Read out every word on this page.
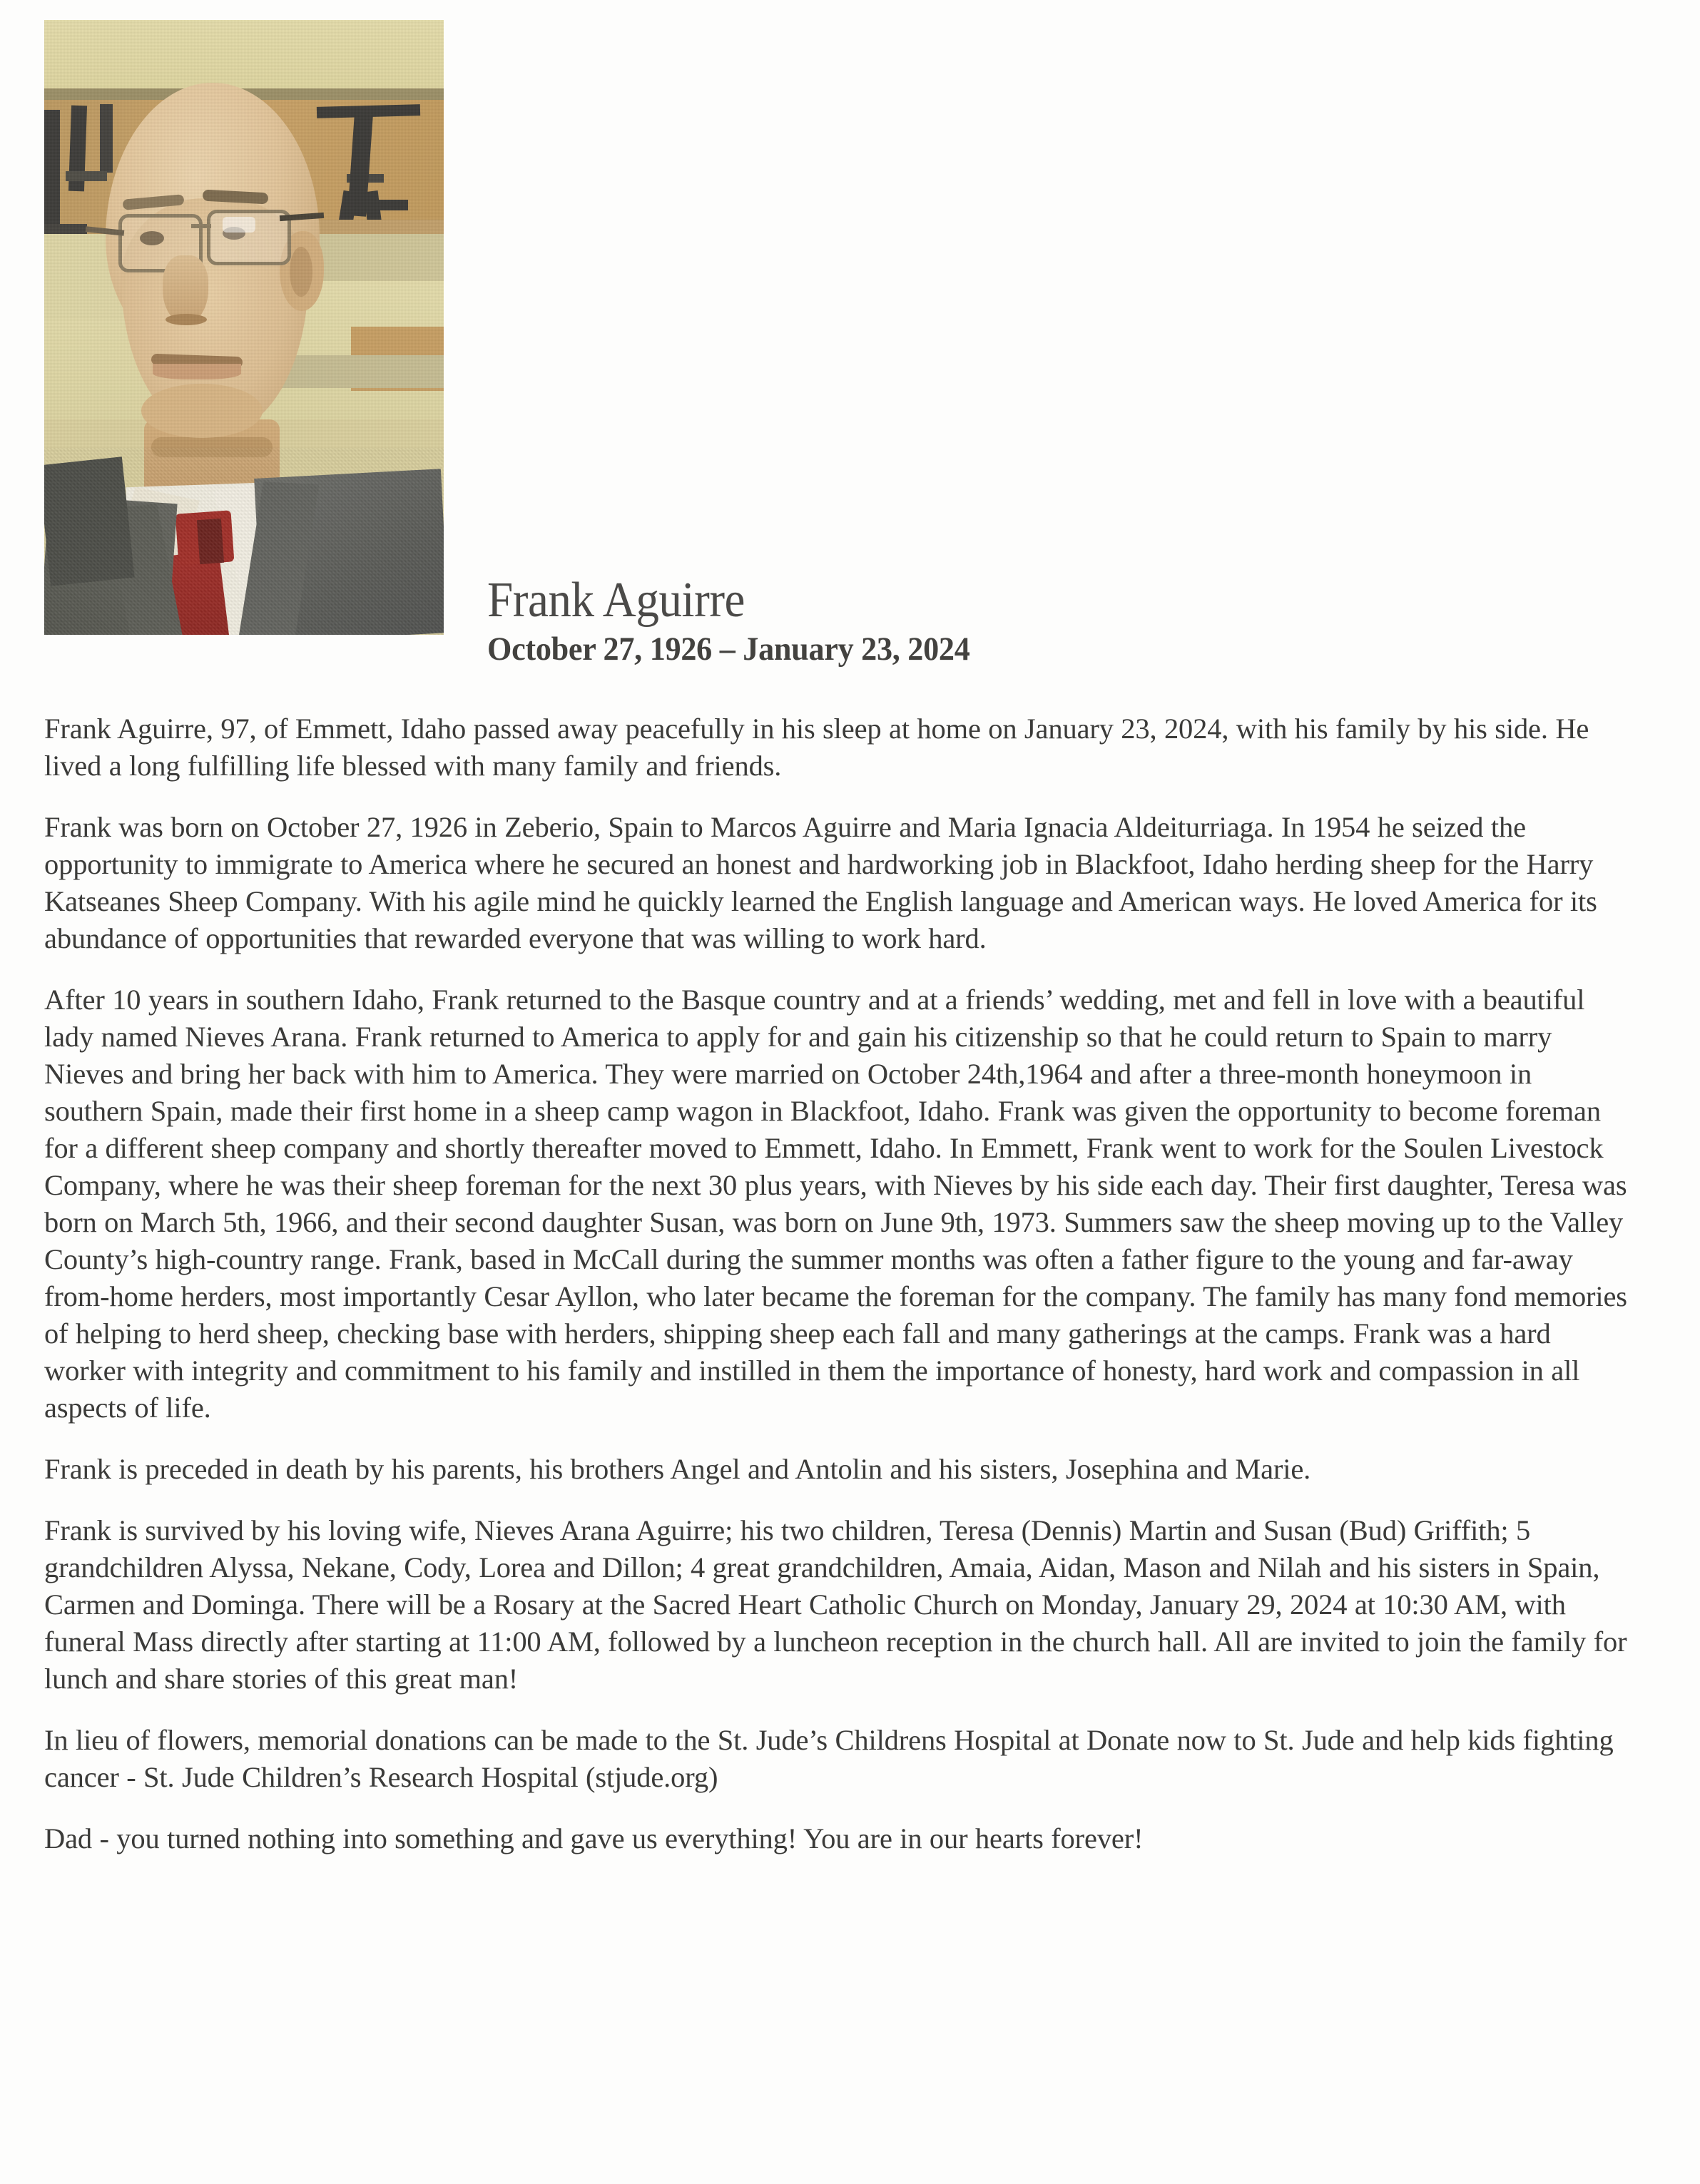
Frank Aguirre
October 27, 1926 – January 23, 2024

Frank Aguirre, 97, of Emmett, Idaho passed away peacefully in his sleep at home on January 23, 2024, with his family by his side. He lived a long fulfilling life blessed with many family and friends.

Frank was born on October 27, 1926 in Zeberio, Spain to Marcos Aguirre and Maria Ignacia Aldeiturriaga. In 1954 he seized the opportunity to immigrate to America where he secured an honest and hardworking job in Blackfoot, Idaho herding sheep for the Harry Katseanes Sheep Company. With his agile mind he quickly learned the English language and American ways. He loved America for its abundance of opportunities that rewarded everyone that was willing to work hard.

After 10 years in southern Idaho, Frank returned to the Basque country and at a friends’ wedding, met and fell in love with a beautiful lady named Nieves Arana. Frank returned to America to apply for and gain his citizenship so that he could return to Spain to marry Nieves and bring her back with him to America. They were married on October 24th,1964 and after a three-month honeymoon in southern Spain, made their first home in a sheep camp wagon in Blackfoot, Idaho. Frank was given the opportunity to become foreman for a different sheep company and shortly thereafter moved to Emmett, Idaho. In Emmett, Frank went to work for the Soulen Livestock Company, where he was their sheep foreman for the next 30 plus years, with Nieves by his side each day. Their first daughter, Teresa was born on March 5th, 1966, and their second daughter Susan, was born on June 9th, 1973. Summers saw the sheep moving up to the Valley County’s high-country range. Frank, based in McCall during the summer months was often a father figure to the young and far-away from-home herders, most importantly Cesar Ayllon, who later became the foreman for the company. The family has many fond memories of helping to herd sheep, checking base with herders, shipping sheep each fall and many gatherings at the camps. Frank was a hard worker with integrity and commitment to his family and instilled in them the importance of honesty, hard work and compassion in all aspects of life.

Frank is preceded in death by his parents, his brothers Angel and Antolin and his sisters, Josephina and Marie.

Frank is survived by his loving wife, Nieves Arana Aguirre; his two children, Teresa (Dennis) Martin and Susan (Bud) Griffith; 5 grandchildren Alyssa, Nekane, Cody, Lorea and Dillon; 4 great grandchildren, Amaia, Aidan, Mason and Nilah and his sisters in Spain, Carmen and Dominga. There will be a Rosary at the Sacred Heart Catholic Church on Monday, January 29, 2024 at 10:30 AM, with funeral Mass directly after starting at 11:00 AM, followed by a luncheon reception in the church hall. All are invited to join the family for lunch and share stories of this great man!

In lieu of flowers, memorial donations can be made to the St. Jude’s Childrens Hospital at Donate now to St. Jude and help kids fighting cancer - St. Jude Children’s Research Hospital (stjude.org)

Dad - you turned nothing into something and gave us everything! You are in our hearts forever!
